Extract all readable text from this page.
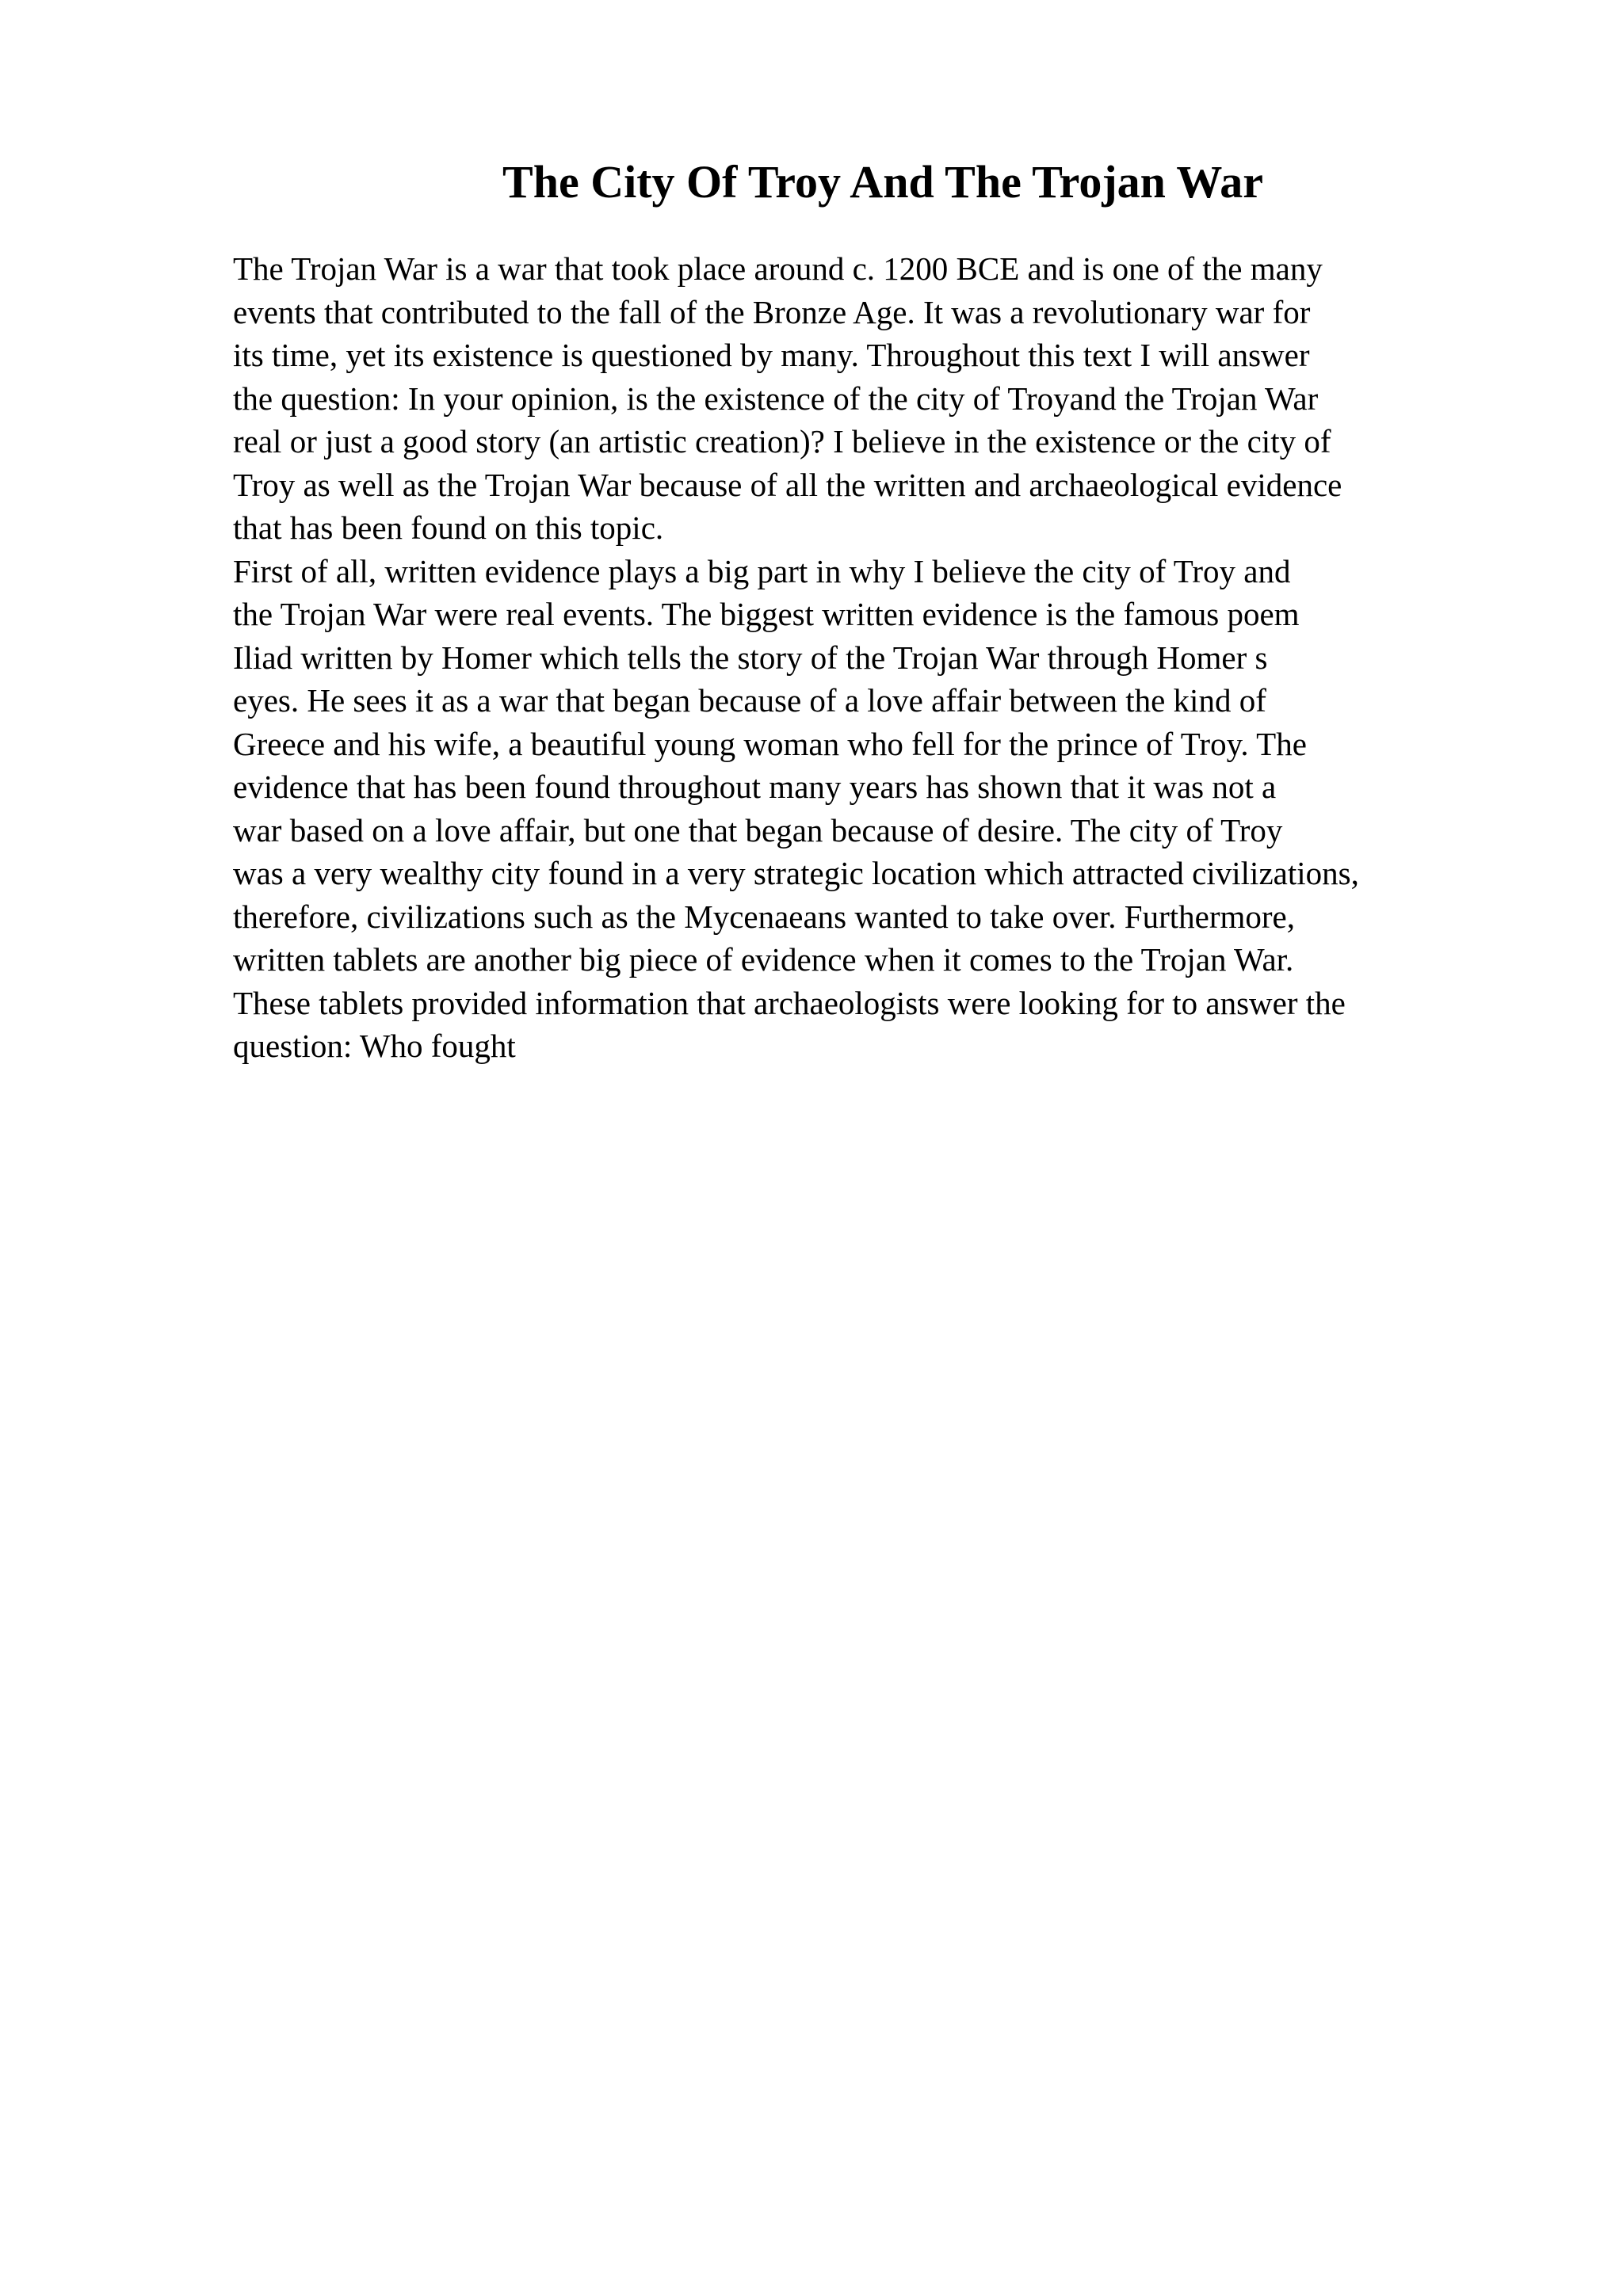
The City Of Troy And The Trojan War
The Trojan War is a war that took place around c. 1200 BCE and is one of the many
events that contributed to the fall of the Bronze Age. It was a revolutionary war for
its time, yet its existence is questioned by many. Throughout this text I will answer
the question: In your opinion, is the existence of the city of Troyand the Trojan War
real or just a good story (an artistic creation)? I believe in the existence or the city of
Troy as well as the Trojan War because of all the written and archaeological evidence
that has been found on this topic.
First of all, written evidence plays a big part in why I believe the city of Troy and
the Trojan War were real events. The biggest written evidence is the famous poem
Iliad written by Homer which tells the story of the Trojan War through Homer s
eyes. He sees it as a war that began because of a love affair between the kind of
Greece and his wife, a beautiful young woman who fell for the prince of Troy. The
evidence that has been found throughout many years has shown that it was not a
war based on a love affair, but one that began because of desire. The city of Troy
was a very wealthy city found in a very strategic location which attracted civilizations,
therefore, civilizations such as the Mycenaeans wanted to take over. Furthermore,
written tablets are another big piece of evidence when it comes to the Trojan War.
These tablets provided information that archaeologists were looking for to answer the
question: Who fought
